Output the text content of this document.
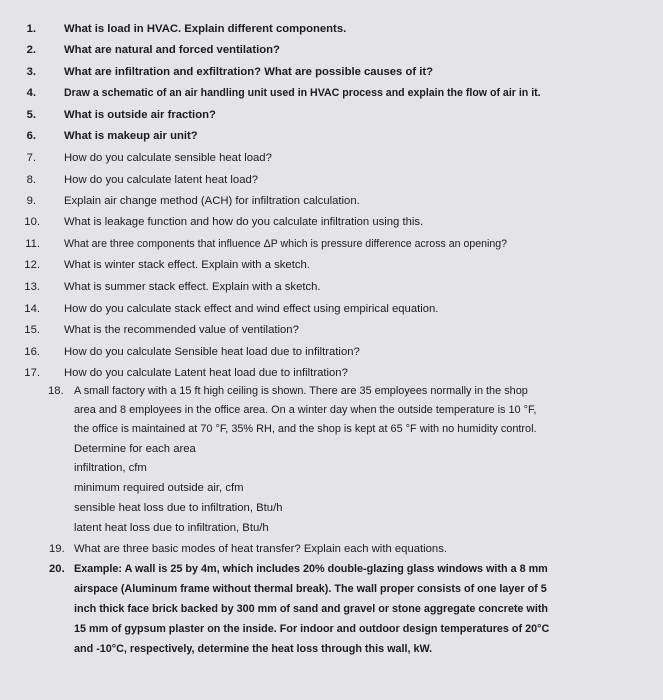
1. What is load in HVAC. Explain different components.
2. What are natural and forced ventilation?
3. What are infiltration and exfiltration? What are possible causes of it?
4.	Draw a schematic of an air handling unit used in HVAC process and explain the flow of air in it.
5. What is outside air fraction?
6. What is makeup air unit?
7. How do you calculate sensible heat load?
8. How do you calculate latent heat load?
9. Explain air change method (ACH) for infiltration calculation.
10. What is leakage function and how do you calculate infiltration using this.
11. What are three components that influence ΔP which is pressure difference across an opening?
12. What is winter stack effect. Explain with a sketch.
13. What is summer stack effect. Explain with a sketch.
14. How do you calculate stack effect and wind effect using empirical equation.
15. What is the recommended value of ventilation?
16. How do you calculate Sensible heat load due to infiltration?
17. How do you calculate Latent heat load due to infiltration?
18. A small factory with a 15 ft high ceiling is shown. There are 35 employees normally in the shop
area and 8 employees in the office area. On a winter day when the outside temperature is 10 °F,
the office is maintained at 70 °F, 35% RH, and the shop is kept at 65 °F with no humidity control.
Determine for each area
infiltration, cfm
minimum required outside air, cfm
sensible heat loss due to infiltration, Btu/h
latent heat loss due to infiltration, Btu/h
19. What are three basic modes of heat transfer? Explain each with equations.
20. Example: A wall is 25 by 4m, which includes 20% double-glazing glass windows with a 8 mm
airspace (Aluminum frame without thermal break). The wall proper consists of one layer of 5
inch thick face brick backed by 300 mm of sand and gravel or stone aggregate concrete with
15 mm of gypsum plaster on the inside. For indoor and outdoor design temperatures of 20°C
and -10°C, respectively, determine the heat loss through this wall, kW.
